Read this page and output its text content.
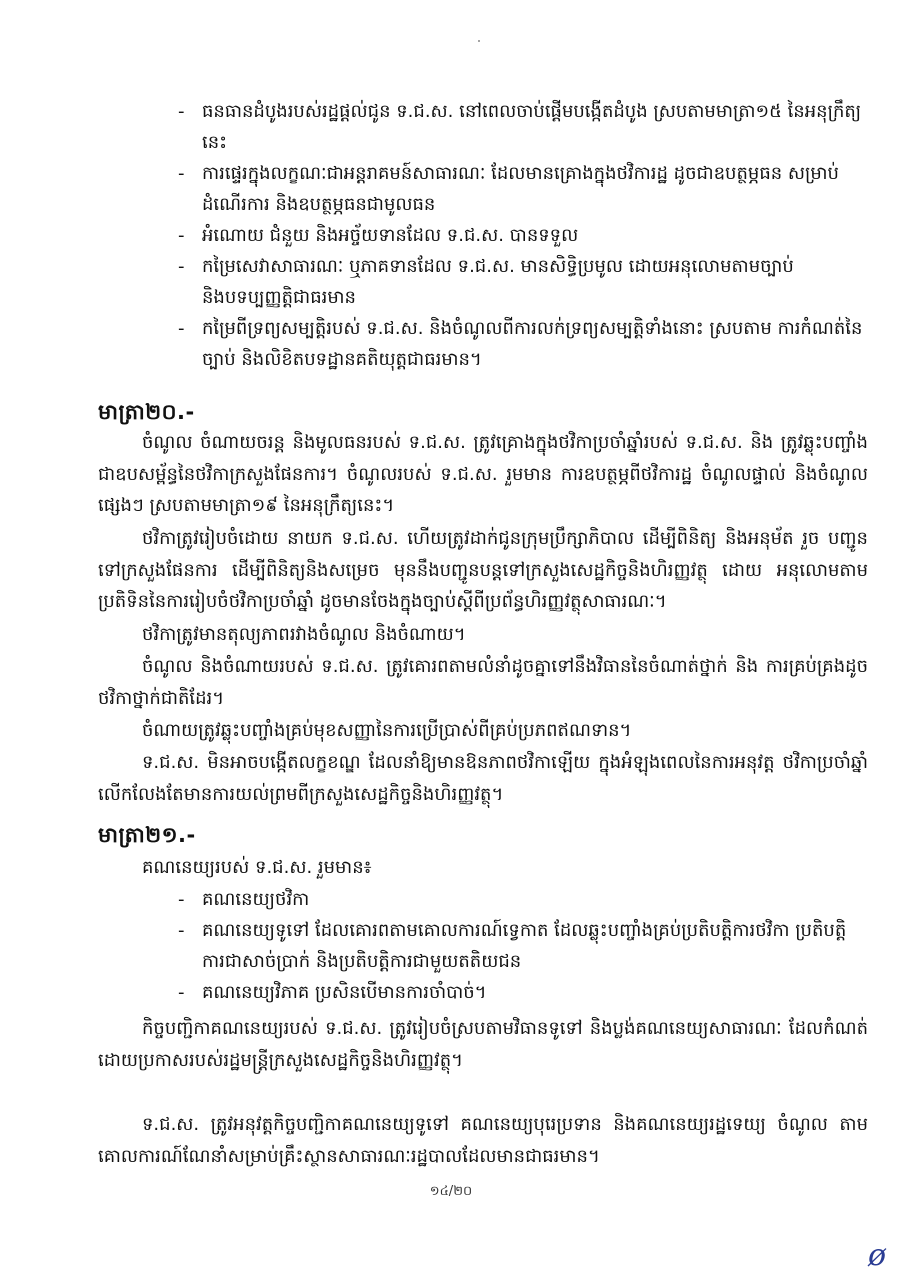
- ធនធានដំបូងរបស់រដ្ឋផ្តល់ជូន ទ.ជ.ស. នៅពេលចាប់ផ្តើមបង្កើតដំបូង ស្របតាមមាត្រា១៥ នៃអនុក្រឹត្យនេះ
- ការផ្ទេរក្នុងលក្ខណៈជាអន្តរាគមន៍សាធារណៈ ដែលមានគ្រោងក្នុងថវិការដ្ឋ ដូចជាឧបត្ថម្ភធន សម្រាប់ ដំណើរការ និងឧបត្ថម្ភធនជាមូលធន
- អំណោយ ជំនួយ និងអច្ច័យទានដែល ទ.ជ.ស. បានទទួល
- កម្រៃសេវាសាធារណៈ ឬភាគទានដែល ទ.ជ.ស. មានសិទ្ធិប្រមូល ដោយអនុលោមតាមច្បាប់ និងបទប្បញ្ញត្តិជាធរមាន
- កម្រៃពីទ្រព្យសម្បត្តិរបស់ ទ.ជ.ស. និងចំណូលពីការលក់ទ្រព្យសម្បត្តិទាំងនោះ ស្របតាម ការកំណត់នៃច្បាប់ និងលិខិតបទដ្ឋានគតិយុត្តជាធរមាន។
មាត្រា២០.-
ចំណូល ចំណាយចរន្ត និងមូលធនរបស់ ទ.ជ.ស. ត្រូវគ្រោងក្នុងថវិកាប្រចាំឆ្នាំរបស់ ទ.ជ.ស. និង ត្រូវឆ្លុះបញ្ចាំងជាឧបសម្ព័ន្ធនៃថវិកាក្រសួងផែនការ។ ចំណូលរបស់ ទ.ជ.ស. រួមមាន ការឧបត្ថម្ភពីថវិការដ្ឋ ចំណូលផ្ទាល់ និងចំណូលផ្សេងៗ ស្របតាមមាត្រា១៩ នៃអនុក្រឹត្យនេះ។
ថវិកាត្រូវរៀបចំដោយ នាយក ទ.ជ.ស. ហើយត្រូវដាក់ជូនក្រុមប្រឹក្សាភិបាល ដើម្បីពិនិត្យ និងអនុម័ត រួច បញ្ជូនទៅក្រសួងផែនការ ដើម្បីពិនិត្យនិងសម្រេច មុននឹងបញ្ជូនបន្តទៅក្រសួងសេដ្ឋកិច្ចនិងហិរញ្ញវត្ថុ ដោយ អនុលោមតាមប្រតិទិននៃការរៀបចំថវិកាប្រចាំឆ្នាំ ដូចមានចែងក្នុងច្បាប់ស្តីពីប្រព័ន្ធហិរញ្ញវត្ថុសាធារណៈ។
ថវិកាត្រូវមានតុល្យភាពរវាងចំណូល និងចំណាយ។
ចំណូល និងចំណាយរបស់ ទ.ជ.ស. ត្រូវគោរពតាមលំនាំដូចគ្នាទៅនឹងវិធាននៃចំណាត់ថ្នាក់ និង ការគ្រប់គ្រងដូចថវិកាថ្នាក់ជាតិដែរ។
ចំណាយត្រូវឆ្លុះបញ្ចាំងគ្រប់មុខសញ្ញានៃការប្រើប្រាស់ពីគ្រប់ប្រភពឥណទាន។
ទ.ជ.ស. មិនអាចបង្កើតលក្ខខណ្ឌ ដែលនាំឱ្យមានឱនភាពថវិកាឡើយ ក្នុងអំឡុងពេលនៃការអនុវត្ត ថវិកាប្រចាំឆ្នាំ លើកលែងតែមានការយល់ព្រមពីក្រសួងសេដ្ឋកិច្ចនិងហិរញ្ញវត្ថុ។
មាត្រា២១.-
គណនេយ្យរបស់ ទ.ជ.ស. រួមមាន៖
- គណនេយ្យថវិកា
- គណនេយ្យទូទៅ ដែលគោរពតាមគោលការណ៍ទេ្វកាត ដែលឆ្លុះបញ្ចាំងគ្រប់ប្រតិបត្តិការថវិកា ប្រតិបត្តិការជាសាច់ប្រាក់ និងប្រតិបត្តិការជាមួយតតិយជន
- គណនេយ្យវិភាគ ប្រសិនបើមានការចាំបាច់។
កិច្ចបញ្ជិកាគណនេយ្យរបស់ ទ.ជ.ស. ត្រូវរៀបចំស្របតាមវិធានទូទៅ និងប្លង់គណនេយ្យសាធារណៈ ដែលកំណត់ដោយប្រកាសរបស់រដ្ឋមន្ត្រីក្រសួងសេដ្ឋកិច្ចនិងហិរញ្ញវត្ថុ។
ទ.ជ.ស. ត្រូវអនុវត្តកិច្ចបញ្ជិកាគណនេយ្យទូទៅ គណនេយ្យបុរេប្រទាន និងគណនេយ្យរដ្ឋទេយ្យ ចំណូល តាមគោលការណ៍ណែនាំសម្រាប់គ្រឹះស្ថានសាធារណៈរដ្ឋបាលដែលមានជាធរមាន។
១៤/២០
ø
